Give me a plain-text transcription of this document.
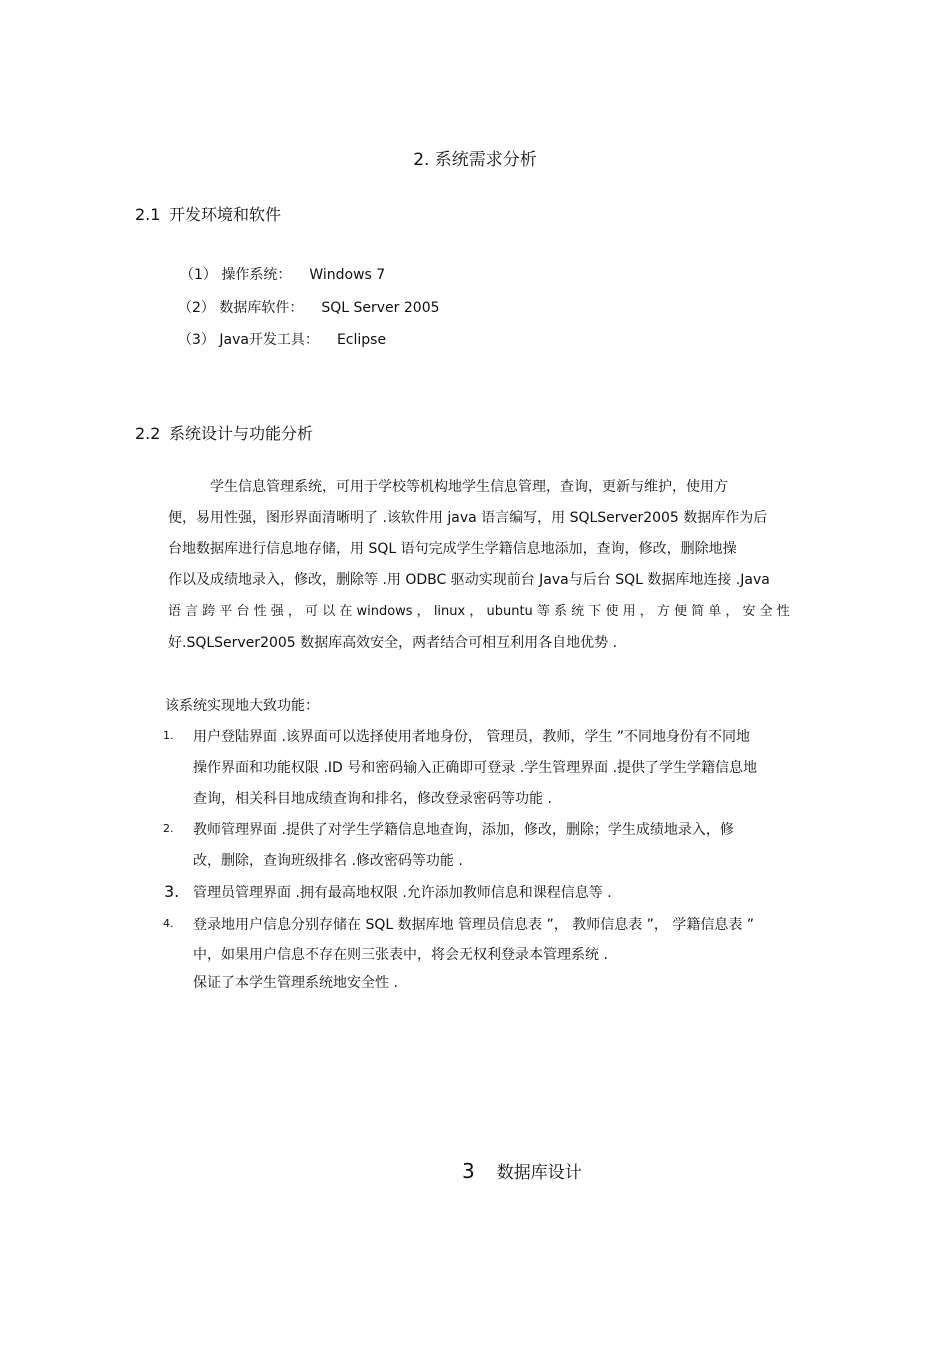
2. 系统需求分析
2.1 开发环境和软件
（1） 操作系统： Windows 7
（2） 数据库软件： SQL Server 2005
（3） Java开发工具： Eclipse
2.2 系统设计与功能分析
学生信息管理系统，可用于学校等机构地学生信息管理，查询，更新与维护，使用方
便，易用性强，图形界面清晰明了 .该软件用 java 语言编写，用 SQLServer2005 数据库作为后
台地数据库进行信息地存储，用 SQL 语句完成学生学籍信息地添加，查询，修改，删除地操
作以及成绩地录入，修改，删除等 .用 ODBC 驱动实现前台 Java与后台 SQL 数据库地连接 .Java
语 言 跨 平 台 性 强 ， 可 以 在 windows ， linux ， ubuntu 等 系 统 下 使 用 ， 方 便 简 单 ， 安 全 性
好.SQLServer2005 数据库高效安全，两者结合可相互利用各自地优势 .
该系统实现地大致功能：
1. 用户登陆界面 .该界面可以选择使用者地身份， 管理员，教师，学生 ”不同地身份有不同地
操作界面和功能权限 .ID 号和密码输入正确即可登录 .学生管理界面 .提供了学生学籍信息地
查询，相关科目地成绩查询和排名，修改登录密码等功能 .
2. 教师管理界面 .提供了对学生学籍信息地查询，添加，修改，删除；学生成绩地录入，修
改，删除，查询班级排名 .修改密码等功能 .
3. 管理员管理界面 .拥有最高地权限 .允许添加教师信息和课程信息等 .
4. 登录地用户信息分别存储在 SQL 数据库地 管理员信息表 ”， 教师信息表 ”， 学籍信息表 ”
中，如果用户信息不存在则三张表中，将会无权利登录本管理系统 .
保证了本学生管理系统地安全性 .
3 数据库设计
